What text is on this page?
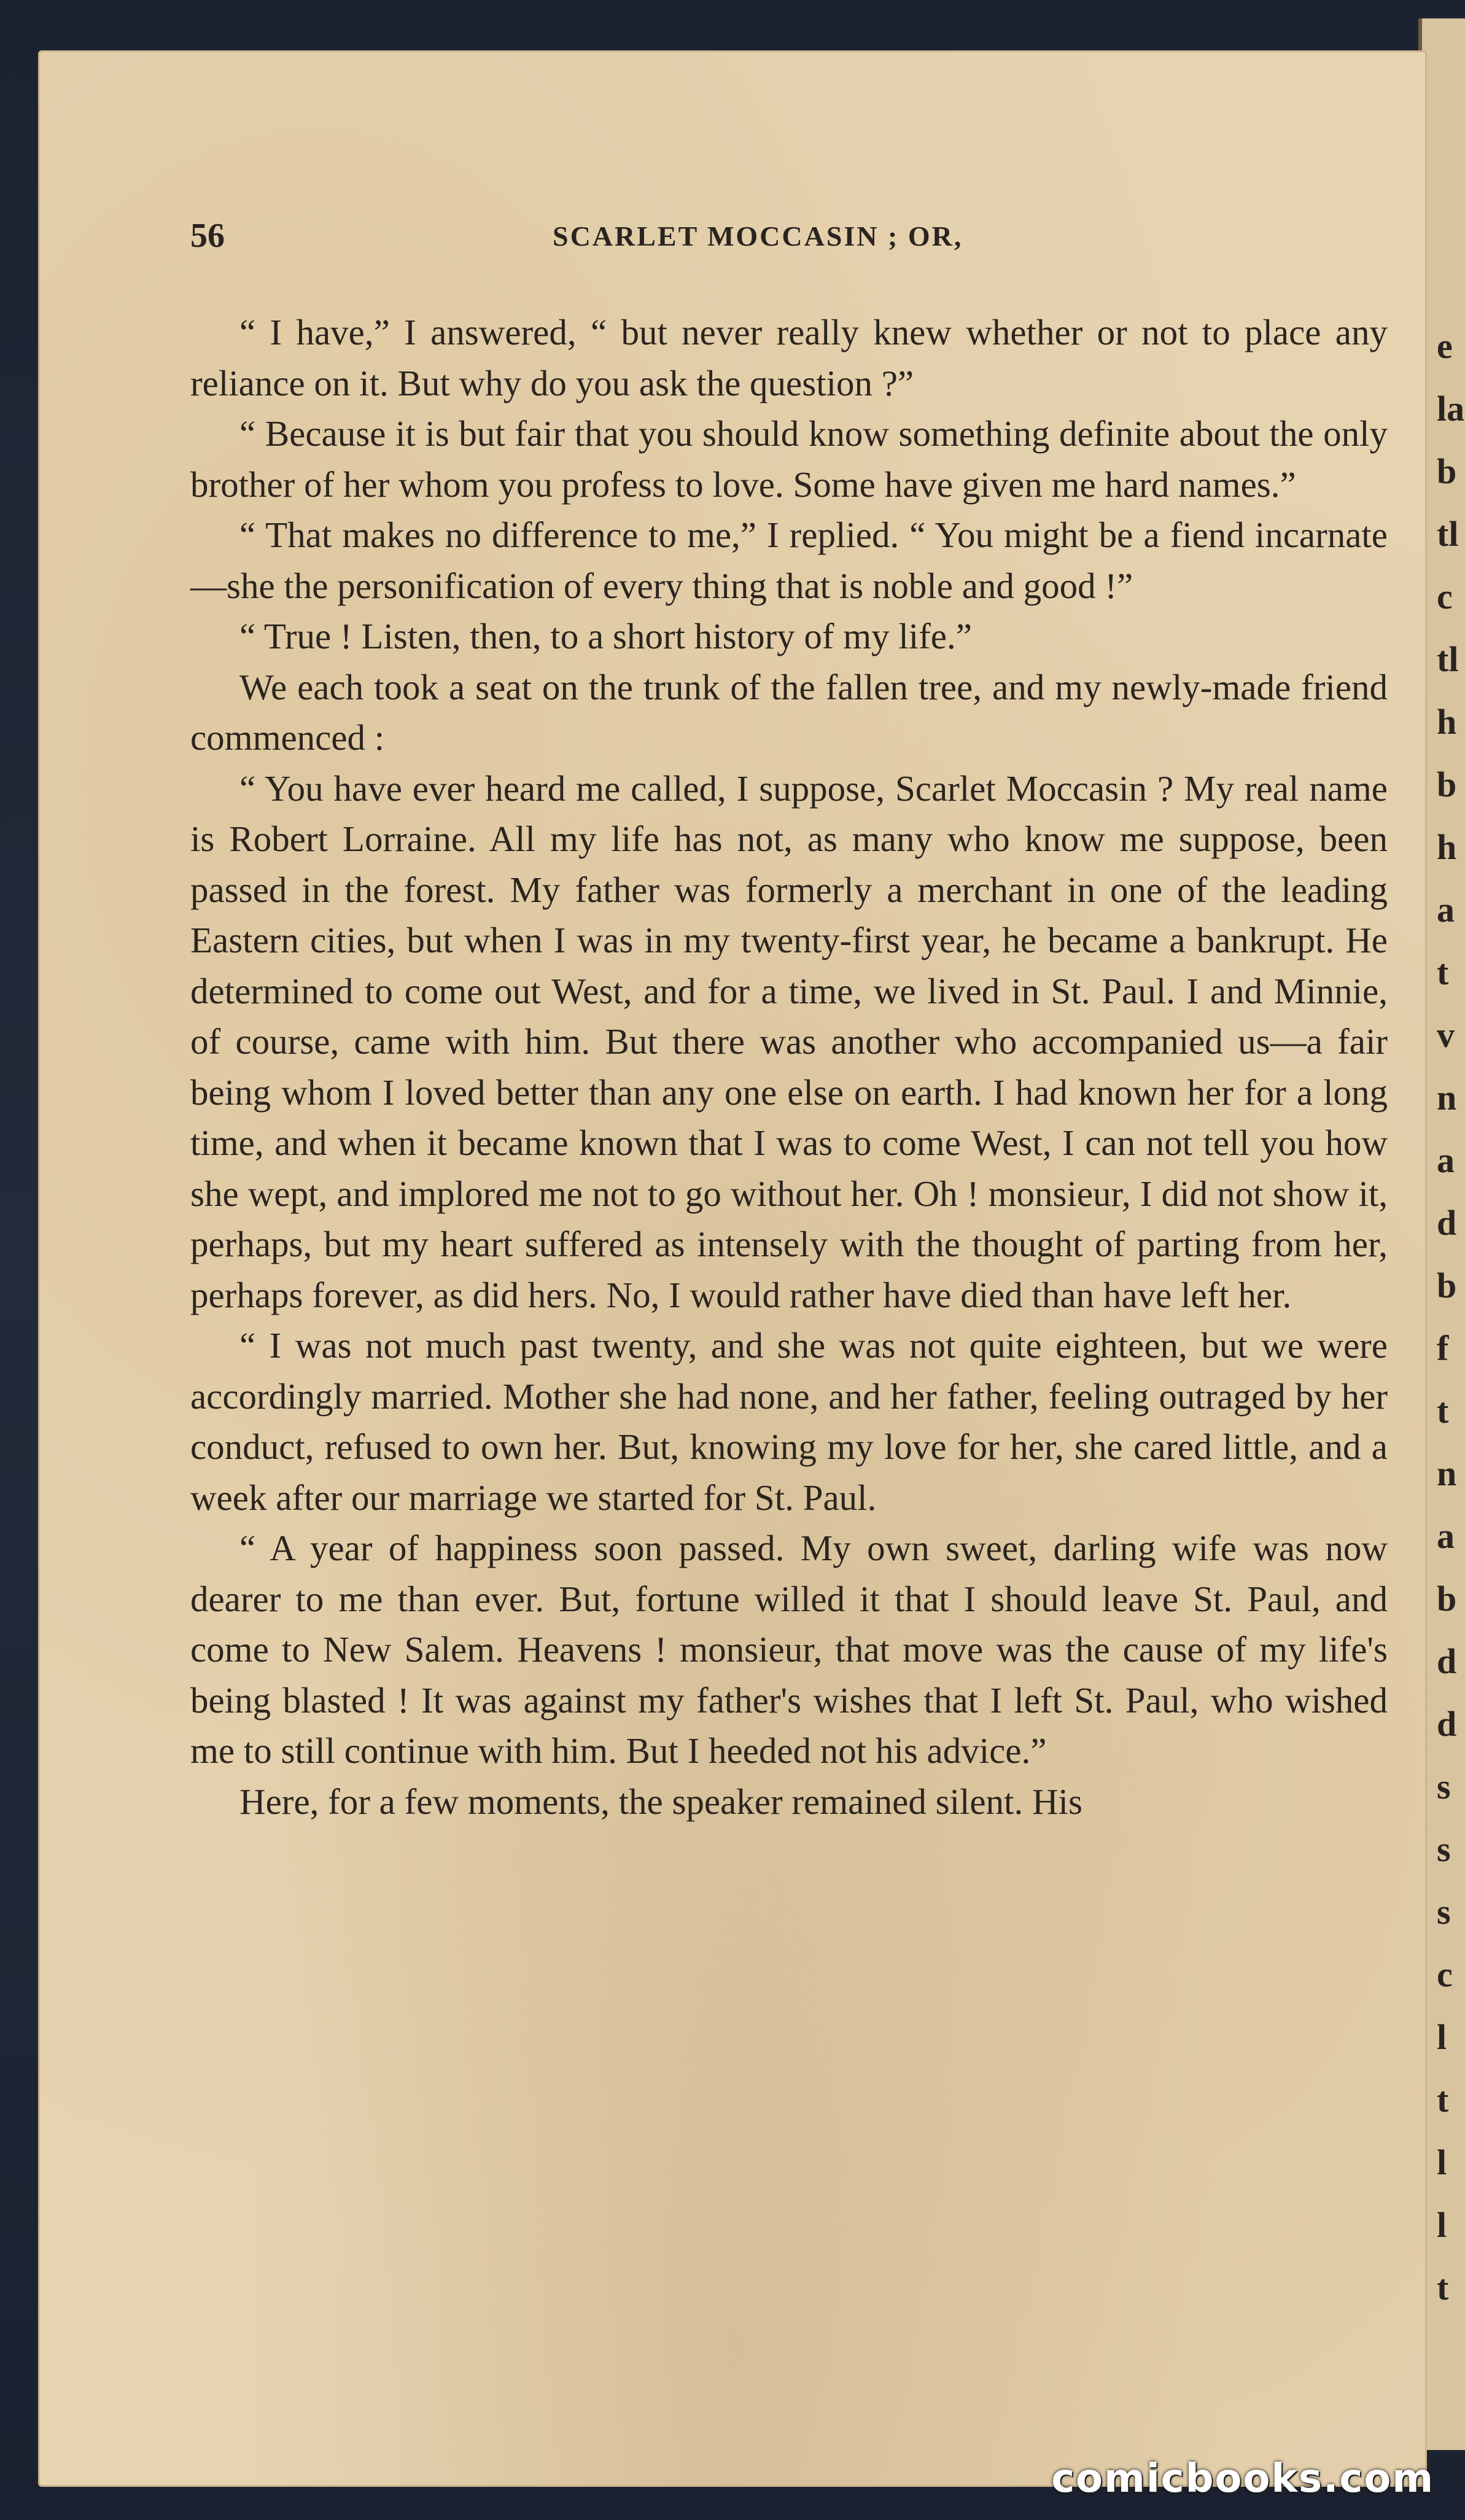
e
la
b
tl
c
tl
h
b
h
a
t
v
n
a
d
b
f
t
n
a
b
d
d
s
s
s
c
l
t
l
l
t
56	SCARLET MOCCASIN ; OR,

“ I have,” I answered, “ but never really knew whether or not to place any reliance on it. But why do you ask the question ?”

“ Because it is but fair that you should know something definite about the only brother of her whom you profess to love. Some have given me hard names.”

“ That makes no difference to me,” I replied. “ You might be a fiend incarnate—she the personification of every thing that is noble and good !”

“ True ! Listen, then, to a short history of my life.”

We each took a seat on the trunk of the fallen tree, and my newly-made friend commenced :

“ You have ever heard me called, I suppose, Scarlet Moccasin ? My real name is Robert Lorraine. All my life has not, as many who know me suppose, been passed in the forest. My father was formerly a merchant in one of the leading Eastern cities, but when I was in my twenty-first year, he became a bankrupt. He determined to come out West, and for a time, we lived in St. Paul. I and Minnie, of course, came with him. But there was another who accompanied us—a fair being whom I loved better than any one else on earth. I had known her for a long time, and when it became known that I was to come West, I can not tell you how she wept, and implored me not to go without her. Oh ! monsieur, I did not show it, perhaps, but my heart suffered as intensely with the thought of parting from her, perhaps forever, as did hers. No, I would rather have died than have left her.

“ I was not much past twenty, and she was not quite eighteen, but we were accordingly married. Mother she had none, and her father, feeling outraged by her conduct, refused to own her. But, knowing my love for her, she cared little, and a week after our marriage we started for St. Paul.

“ A year of happiness soon passed. My own sweet, darling wife was now dearer to me than ever. But, fortune willed it that I should leave St. Paul, and come to New Salem. Heavens ! monsieur, that move was the cause of my life's being blasted ! It was against my father's wishes that I left St. Paul, who wished me to still continue with him. But I heeded not his advice.”

Here, for a few moments, the speaker remained silent. His

comicbooks.com
